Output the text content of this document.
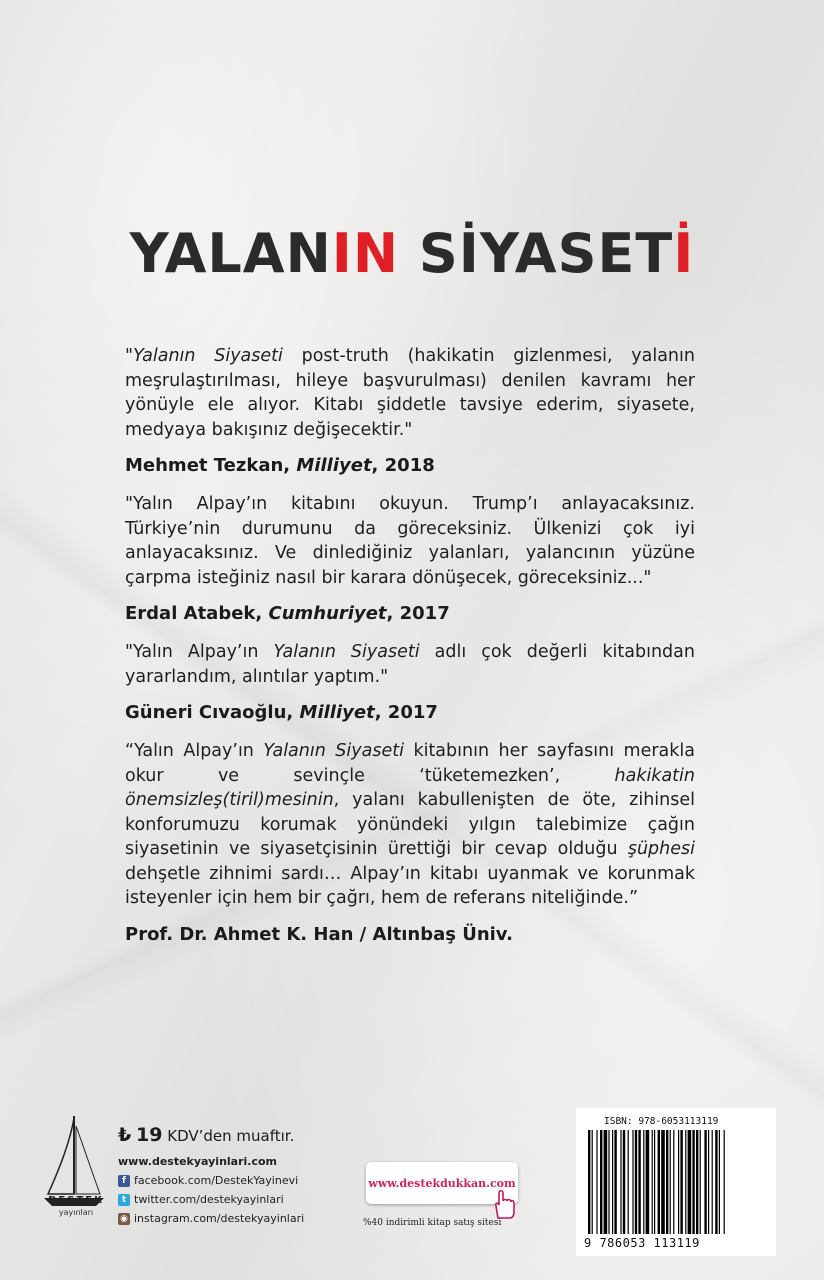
YALANIN SİYASETİ

"Yalanın Siyaseti post-truth (hakikatin gizlenmesi, yalanın meşrulaştırılması, hileye başvurulması) denilen kavramı her yönüyle ele alıyor. Kitabı şiddetle tavsiye ederim, siyasete, medyaya bakışınız değişecektir."

Mehmet Tezkan, Milliyet, 2018

"Yalın Alpay’ın kitabını okuyun. Trump’ı anlayacaksınız. Türkiye’nin durumunu da göreceksiniz. Ülkenizi çok iyi anlayacaksınız. Ve dinlediğiniz yalanları, yalancının yüzüne çarpma isteğiniz nasıl bir karara dönüşecek, göreceksiniz..."

Erdal Atabek, Cumhuriyet, 2017

"Yalın Alpay’ın Yalanın Siyaseti adlı çok değerli kitabından yararlandım, alıntılar yaptım."

Güneri Cıvaoğlu, Milliyet, 2017

“Yalın Alpay’ın Yalanın Siyaseti kitabının her sayfasını merakla okur ve sevinçle ‘tüketemezken’, hakikatin önemsizleş(tiril)mesinin, yalanı kabullenişten de öte, zihinsel konforumuzu korumak yönündeki yılgın talebimize çağın siyasetinin ve siyasetçisinin ürettiği bir cevap olduğu şüphesi dehşetle zihnimi sardı… Alpay’ın kitabı uyanmak ve korunmak isteyenler için hem bir çağrı, hem de referans niteliğinde.”

Prof. Dr. Ahmet K. Han / Altınbaş Üniv.
DESTEK
yayınları
₺ 19 KDV’den muaftır.
www.destekyayinlari.com
f facebook.com/DestekYayinevi
t twitter.com/destekyayinlari
◉ instagram.com/destekyayinlari
www.destekdukkan.com
%40 indirimli kitap satış sitesi
ISBN: 978-6053113119
9 786053 113119
